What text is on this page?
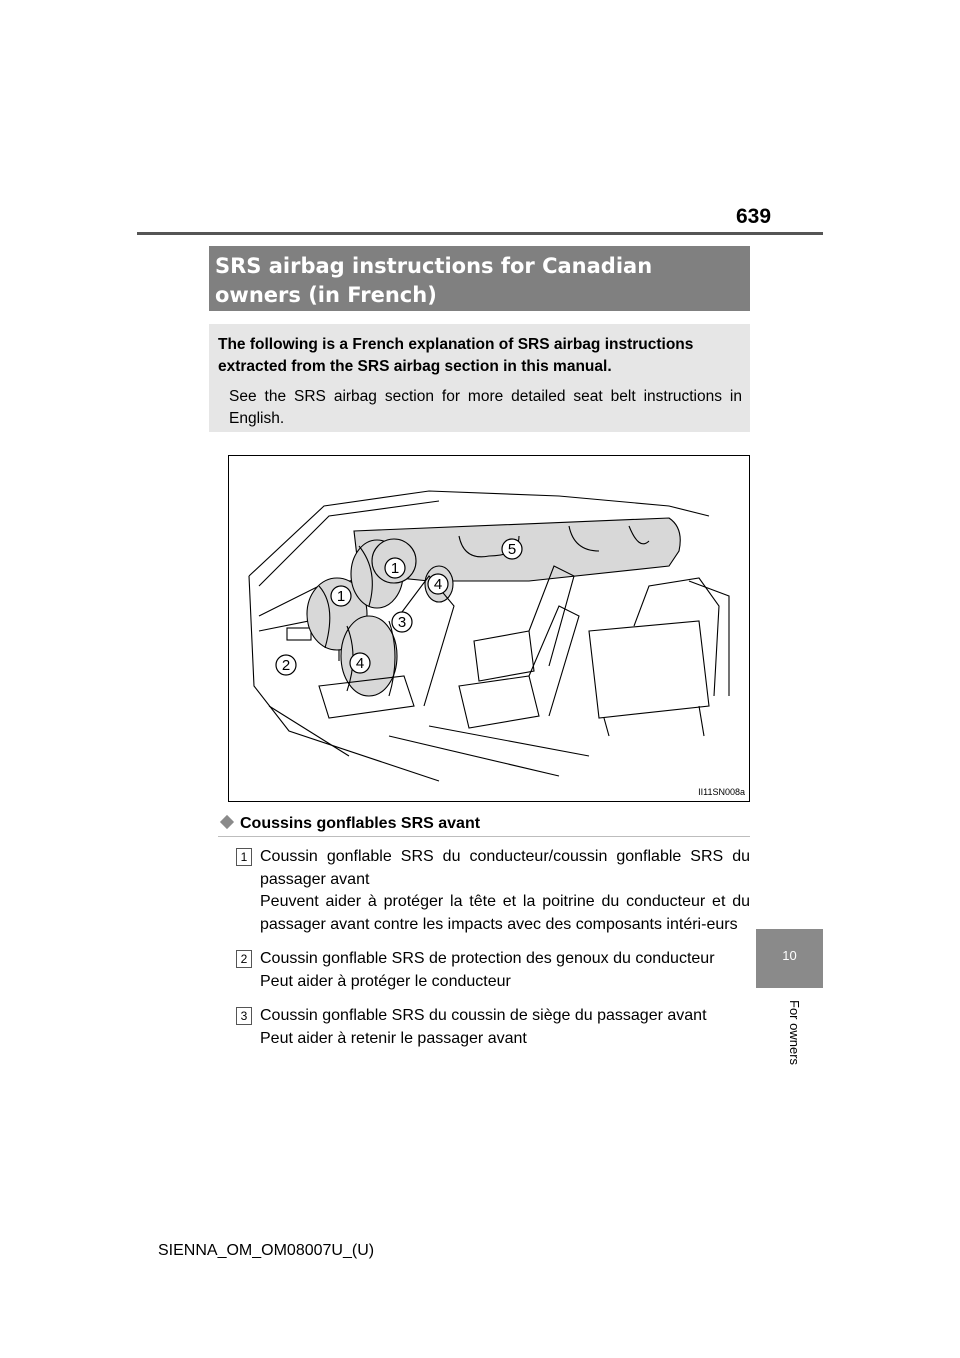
639
10
For owners
SRS airbag instructions for Canadian
owners (in French)

The following is a French explanation of SRS airbag instructions extracted from the SRS airbag section in this manual.

See the SRS airbag section for more detailed seat belt instructions in English.

1
1
2
3
4
4
5
II11SN008a
Coussins gonflables SRS avant
1 Coussin gonflable SRS du conducteur/coussin gonflable SRS du passager avant
Peuvent aider à protéger la tête et la poitrine du conducteur et du passager avant contre les impacts avec des composants intéri-eurs
2 Coussin gonflable SRS de protection des genoux du conducteur
Peut aider à protéger le conducteur
3 Coussin gonflable SRS du coussin de siège du passager avant
Peut aider à retenir le passager avant
SIENNA_OM_OM08007U_(U)
